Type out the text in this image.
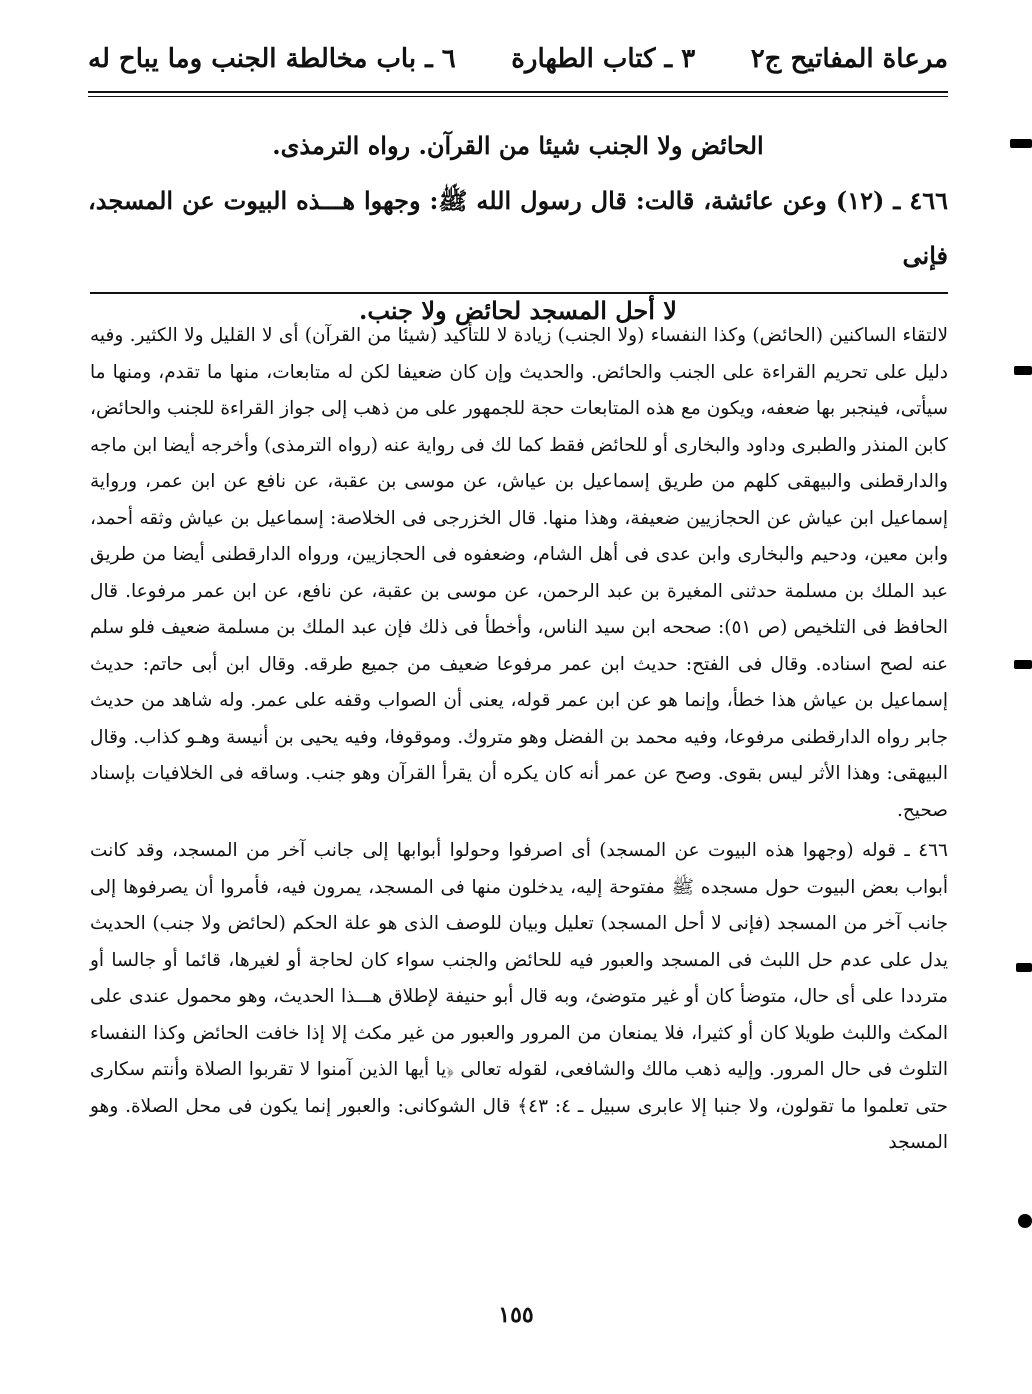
مرعاة المفاتيح ج٢
٣ ـ كتاب الطهارة
٦ ـ باب مخالطة الجنب وما يباح له

الحائض ولا الجنب شيئا من القرآن. رواه الترمذى.

٤٦٦ ـ (١٢) وعن عائشة، قالت: قال رسول الله ﷺ: وجهوا هـــذه البيوت عن المسجد، فإنى

لا أحل المسجد لحائض ولا جنب.

لالتقاء الساكنين (الحائض) وكذا النفساء (ولا الجنب) زيادة لا للتأكيد (شيئا من القرآن) أى لا القليل ولا الكثير. وفيه دليل على تحريم القراءة على الجنب والحائض. والحديث وإن كان ضعيفا لكن له متابعات، منها ما تقدم، ومنها ما سيأتى، فينجبر بها ضعفه، ويكون مع هذه المتابعات حجة للجمهور على من ذهب إلى جواز القراءة للجنب والحائض، كابن المنذر والطبرى وداود والبخارى أو للحائض فقط كما لك فى رواية عنه (رواه الترمذى) وأخرجه أيضا ابن ماجه والدارقطنى والبيهقى كلهم من طريق إسماعيل بن عياش، عن موسى بن عقبة، عن نافع عن ابن عمر، ورواية إسماعيل ابن عياش عن الحجازيين ضعيفة، وهذا منها. قال الخزرجى فى الخلاصة: إسماعيل بن عياش وثقه أحمد، وابن معين، ودحيم والبخارى وابن عدى فى أهل الشام، وضعفوه فى الحجازيين، ورواه الدارقطنى أيضا من طريق عبد الملك بن مسلمة حدثنى المغيرة بن عبد الرحمن، عن موسى بن عقبة، عن نافع، عن ابن عمر مرفوعا. قال الحافظ فى التلخيص (ص ٥١): صححه ابن سيد الناس، وأخطأ فى ذلك فإن عبد الملك بن مسلمة ضعيف فلو سلم عنه لصح اسناده. وقال فى الفتح: حديث ابن عمر مرفوعا ضعيف من جميع طرقه. وقال ابن أبى حاتم: حديث إسماعيل بن عياش هذا خطأ، وإنما هو عن ابن عمر قوله، يعنى أن الصواب وقفه على عمر. وله شاهد من حديث جابر رواه الدارقطنى مرفوعا، وفيه محمد بن الفضل وهو متروك. وموقوفا، وفيه يحيى بن أنيسة وهـو كذاب. وقال البيهقى: وهذا الأثر ليس بقوى. وصح عن عمر أنه كان يكره أن يقرأ القرآن وهو جنب. وساقه فى الخلافيات بإسناد صحيح.

٤٦٦ ـ قوله (وجهوا هذه البيوت عن المسجد) أى اصرفوا وحولوا أبوابها إلى جانب آخر من المسجد، وقد كانت أبواب بعض البيوت حول مسجده ﷺ مفتوحة إليه، يدخلون منها فى المسجد، يمرون فيه، فأمروا أن يصرفوها إلى جانب آخر من المسجد (فإنى لا أحل المسجد) تعليل وبيان للوصف الذى هو علة الحكم (لحائض ولا جنب) الحديث يدل على عدم حل اللبث فى المسجد والعبور فيه للحائض والجنب سواء كان لحاجة أو لغيرها، قائما أو جالسا أو مترددا على أى حال، متوضأ كان أو غير متوضئ، وبه قال أبو حنيفة لإطلاق هـــذا الحديث، وهو محمول عندى على المكث واللبث طويلا كان أو كثيرا، فلا يمنعان من المرور والعبور من غير مكث إلا إذا خافت الحائض وكذا النفساء التلوث فى حال المرور. وإليه ذهب مالك والشافعى، لقوله تعالى ﴿يا أيها الذين آمنوا لا تقربوا الصلاة وأنتم سكارى حتى تعلموا ما تقولون، ولا جنبا إلا عابرى سبيل ـ ٤: ٤٣﴾ قال الشوكانى: والعبور إنما يكون فى محل الصلاة. وهو المسجد

١٥٥
